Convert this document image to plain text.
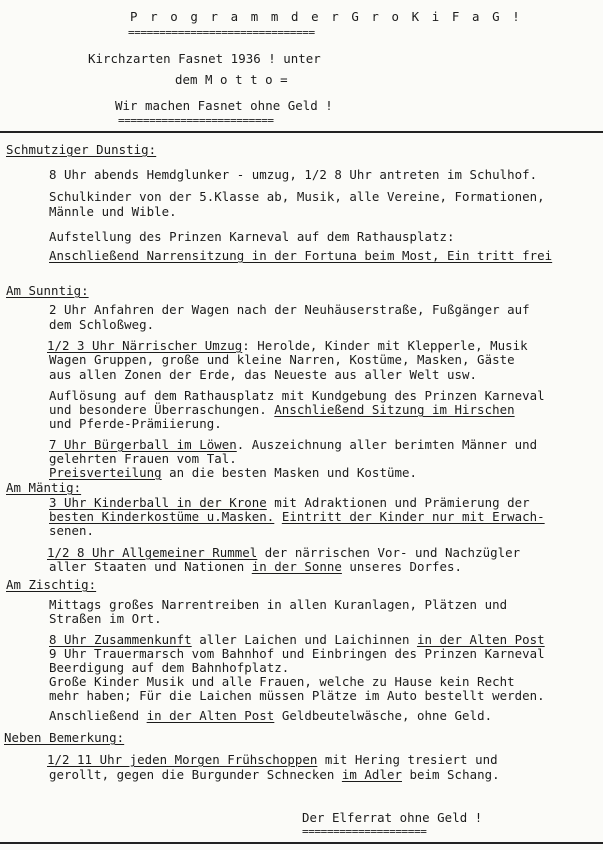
P r o g r a m m d e r G r o K i F a G !
==============================
Kirchzarten Fasnet 1936 ! unter
dem M o t t o =
Wir machen Fasnet ohne Geld !
=========================
Schmutziger Dunstig:
8 Uhr abends Hemdglunker - umzug, 1/2 8 Uhr antreten im Schulhof.
Schulkinder von der 5.Klasse ab, Musik, alle Vereine, Formationen,
Männle und Wible.
Aufstellung des Prinzen Karneval auf dem Rathausplatz:
Anschließend Narrensitzung in der Fortuna beim Most, Ein tritt frei
Am Sunntig:
2 Uhr Anfahren der Wagen nach der Neuhäuserstraße, Fußgänger auf
dem Schloßweg.
1/2 3 Uhr Närrischer Umzug: Herolde, Kinder mit Klepperle, Musik
Wagen Gruppen, große und kleine Narren, Kostüme, Masken, Gäste
aus allen Zonen der Erde, das Neueste aus aller Welt usw.
Auflösung auf dem Rathausplatz mit Kundgebung des Prinzen Karneval
und besondere Überraschungen. Anschließend Sitzung im Hirschen
und Pferde-Prämiierung.
7 Uhr Bürgerball im Löwen. Auszeichnung aller berimten Männer und
gelehrten Frauen vom Tal.
Preisverteilung an die besten Masken und Kostüme.
Am Mäntig:
3 Uhr Kinderball in der Krone mit Adraktionen und Prämierung der
besten Kinderkostüme u.Masken. Eintritt der Kinder nur mit Erwach-
senen.
1/2 8 Uhr Allgemeiner Rummel der närrischen Vor- und Nachzügler
aller Staaten und Nationen in der Sonne unseres Dorfes.
Am Zischtig:
Mittags großes Narrentreiben in allen Kuranlagen, Plätzen und
Straßen im Ort.
8 Uhr Zusammenkunft aller Laichen und Laichinnen in der Alten Post
9 Uhr Trauermarsch vom Bahnhof und Einbringen des Prinzen Karneval
Beerdigung auf dem Bahnhofplatz.
Große Kinder Musik und alle Frauen, welche zu Hause kein Recht
mehr haben; Für die Laichen müssen Plätze im Auto bestellt werden.
Anschließend in der Alten Post Geldbeutelwäsche, ohne Geld.
Neben Bemerkung:
1/2 11 Uhr jeden Morgen Frühschoppen mit Hering tresiert und
gerollt, gegen die Burgunder Schnecken im Adler beim Schang.
Der Elferrat ohne Geld !
====================
